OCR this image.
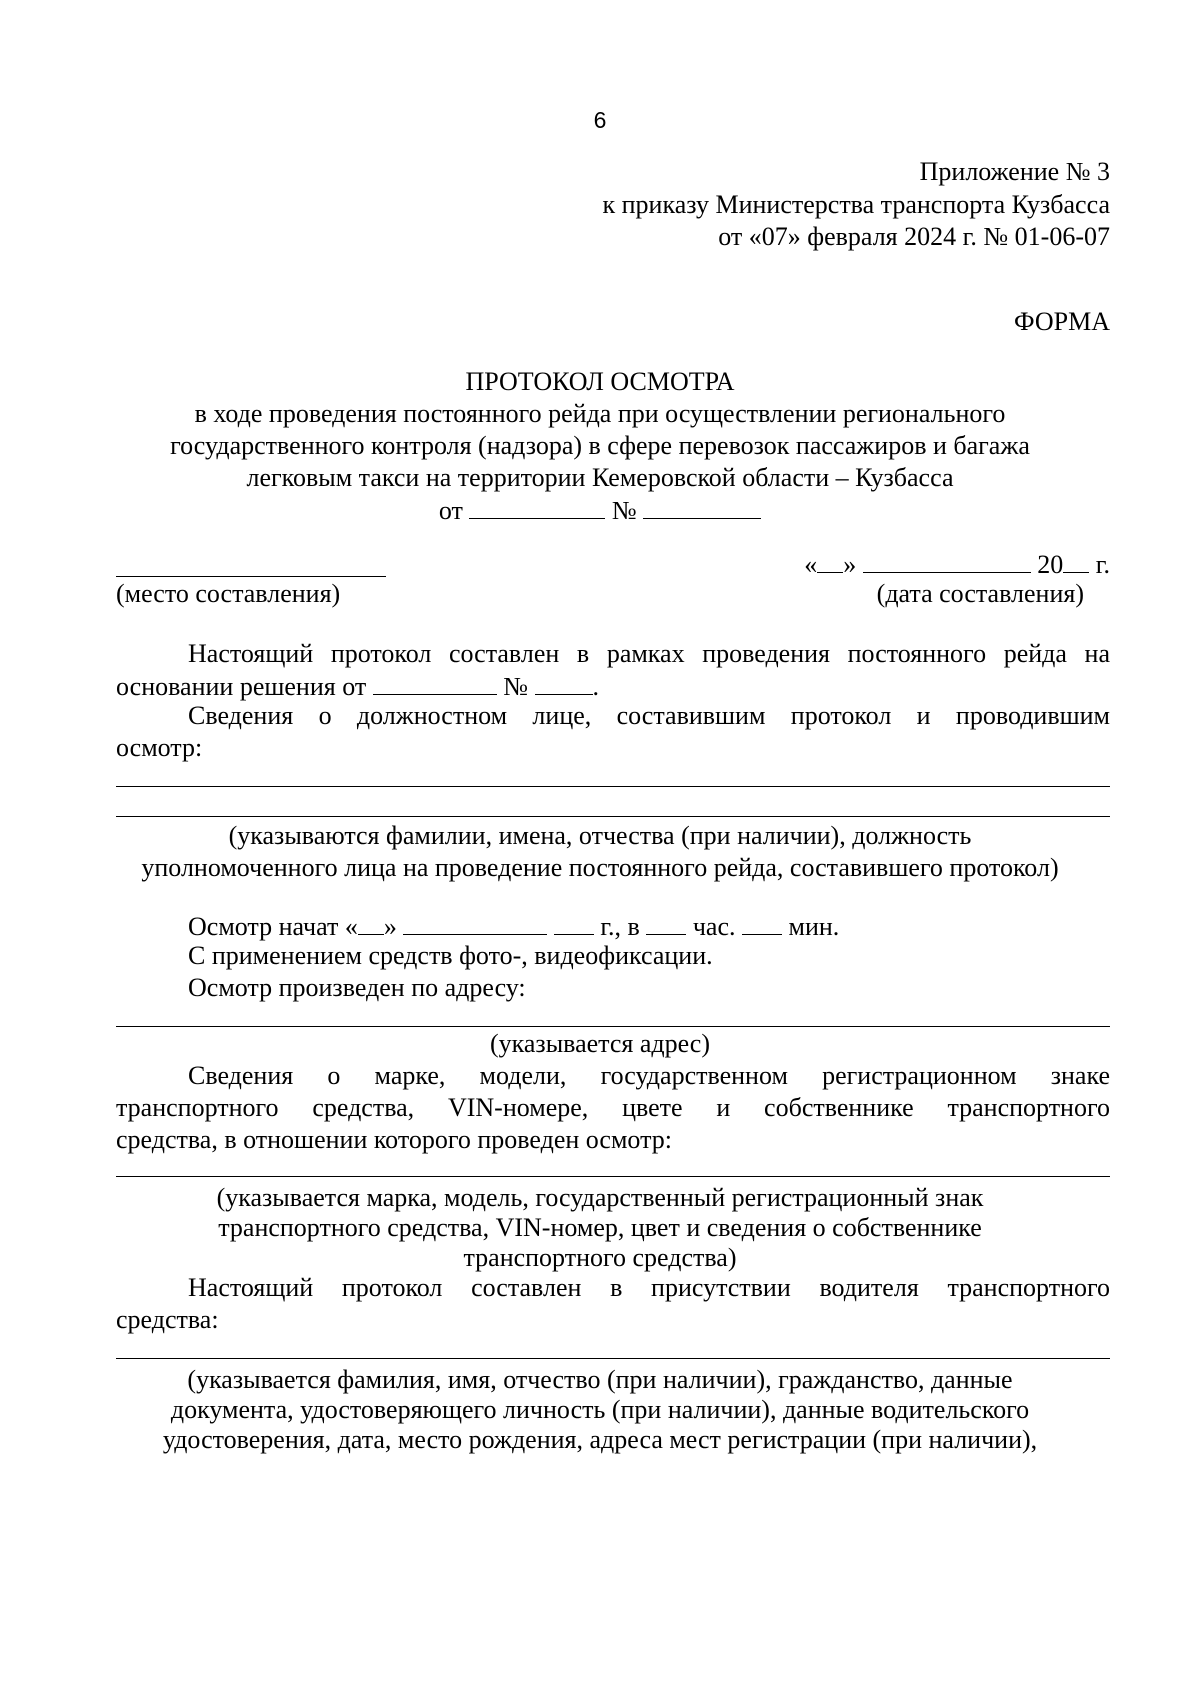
6
Приложение № 3
к приказу Министерства транспорта Кузбасса
от «07» февраля 2024 г. № 01-06-07
ФОРМА
ПРОТОКОЛ ОСМОТРА
в ходе проведения постоянного рейда при осуществлении регионального
государственного контроля (надзора) в сфере перевозок пассажиров и багажа
легковым такси на территории Кемеровской области – Кузбасса
от	№
« »	20 г.
(место составления)	(дата составления)
Настоящий протокол составлен в рамках проведения постоянного рейда на
основании решения от	№ .
Сведения о должностном лице, составившим протокол и проводившим
осмотр:
(указываются фамилии, имена, отчества (при наличии), должность
уполномоченного лица на проведение постоянного рейда, составившего протокол)
Осмотр начат « »	г., в час. мин.
С применением средств фото-, видеофиксации.
Осмотр произведен по адресу:
(указывается адрес)
Сведения о марке, модели, государственном регистрационном знаке
транспортного средства, VIN-номере, цвете и собственнике транспортного
средства, в отношении которого проведен осмотр:
(указывается марка, модель, государственный регистрационный знак
транспортного средства, VIN-номер, цвет и сведения о собственнике
транспортного средства)
Настоящий протокол составлен в присутствии водителя транспортного
средства:
(указывается фамилия, имя, отчество (при наличии), гражданство, данные
документа, удостоверяющего личность (при наличии), данные водительского
удостоверения, дата, место рождения, адреса мест регистрации (при наличии),
